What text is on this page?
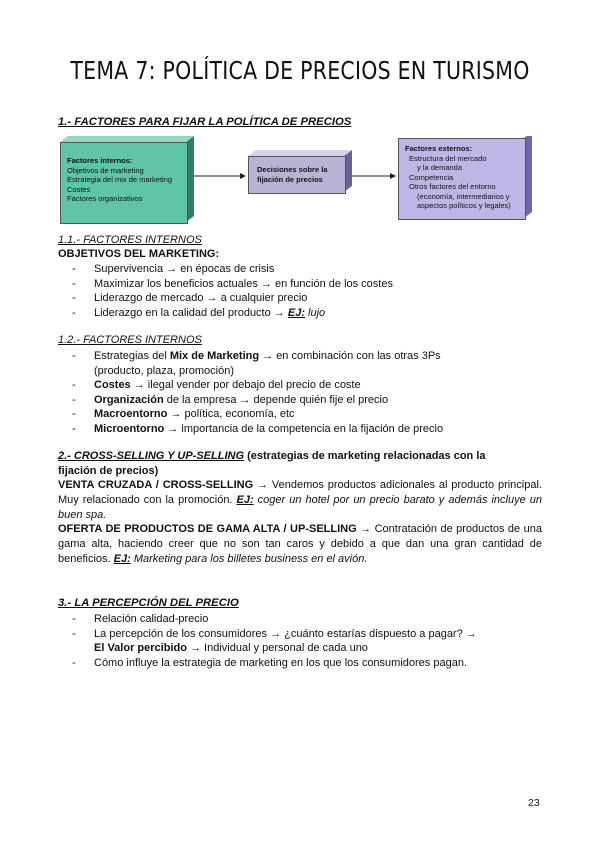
TEMA 7: POLÍTICA DE PRECIOS EN TURISMO
1.- FACTORES PARA FIJAR LA POLÍTICA DE PRECIOS
Factores internos:
Objetivos de marketing
Estrategia del mix de marketing
Costes
Factores organizativos
Decisiones sobre la
fijación de precios
Factores externos:
Estructura del mercado
y la demanda
Competencia
Otros factores del entorno
(economía, intermediarios y
aspectos políticos y legales)
1.1.- FACTORES INTERNOS
OBJETIVOS DEL MARKETING:
- Supervivencia → en épocas de crisis
- Maximizar los beneficios actuales → en función de los costes
- Liderazgo de mercado → a cualquier precio
- Liderazgo en la calidad del producto → EJ: lujo
1.2.- FACTORES INTERNOS
- Estrategias del Mix de Marketing → en combinación con las otras 3Ps
(producto, plaza, promoción)
- Costes → ilegal vender por debajo del precio de coste
- Organización de la empresa → depende quién fije el precio
- Macroentorno → política, economía, etc
- Microentorno → importancia de la competencia en la fijación de precio
2.- CROSS-SELLING Y UP-SELLING (estrategias de marketing relacionadas con la
fijación de precios)
VENTA CRUZADA / CROSS-SELLING → Vendemos productos adicionales al producto principal. Muy relacionado con la promoción. EJ: coger un hotel por un precio barato y además incluye un buen spa.
OFERTA DE PRODUCTOS DE GAMA ALTA / UP-SELLING → Contratación de productos de una gama alta, haciendo creer que no son tan caros y debido a que dan una gran cantidad de beneficios. EJ: Marketing para los billetes business en el avión.
3.- LA PERCEPCIÓN DEL PRECIO
- Relación calidad-precio
- La percepción de los consumidores → ¿cuánto estarías dispuesto a pagar? →
El Valor percibido → Individual y personal de cada uno
- Cómo influye la estrategia de marketing en los que los consumidores pagan.
23
